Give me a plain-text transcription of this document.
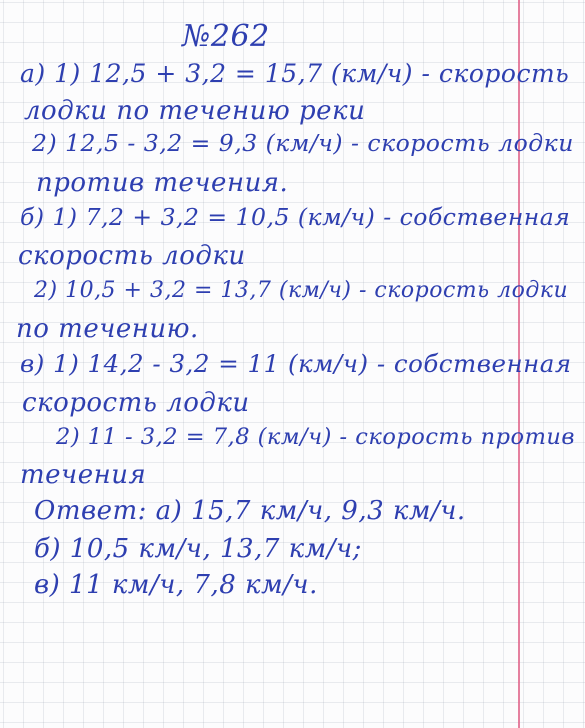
№262
а) 1) 12,5 + 3,2 = 15,7 (км/ч) - скорость
лодки по течению реки
2) 12,5 - 3,2 = 9,3 (км/ч) - скорость лодки
против течения.
б) 1) 7,2 + 3,2 = 10,5 (км/ч) - собственная
скорость лодки
2) 10,5 + 3,2 = 13,7 (км/ч) - скорость лодки
по течению.
в) 1) 14,2 - 3,2 = 11 (км/ч) - собственная
скорость лодки
2) 11 - 3,2 = 7,8 (км/ч) - скорость против
течения
Ответ: а) 15,7 км/ч, 9,3 км/ч.
б) 10,5 км/ч, 13,7 км/ч;
в) 11 км/ч, 7,8 км/ч.
